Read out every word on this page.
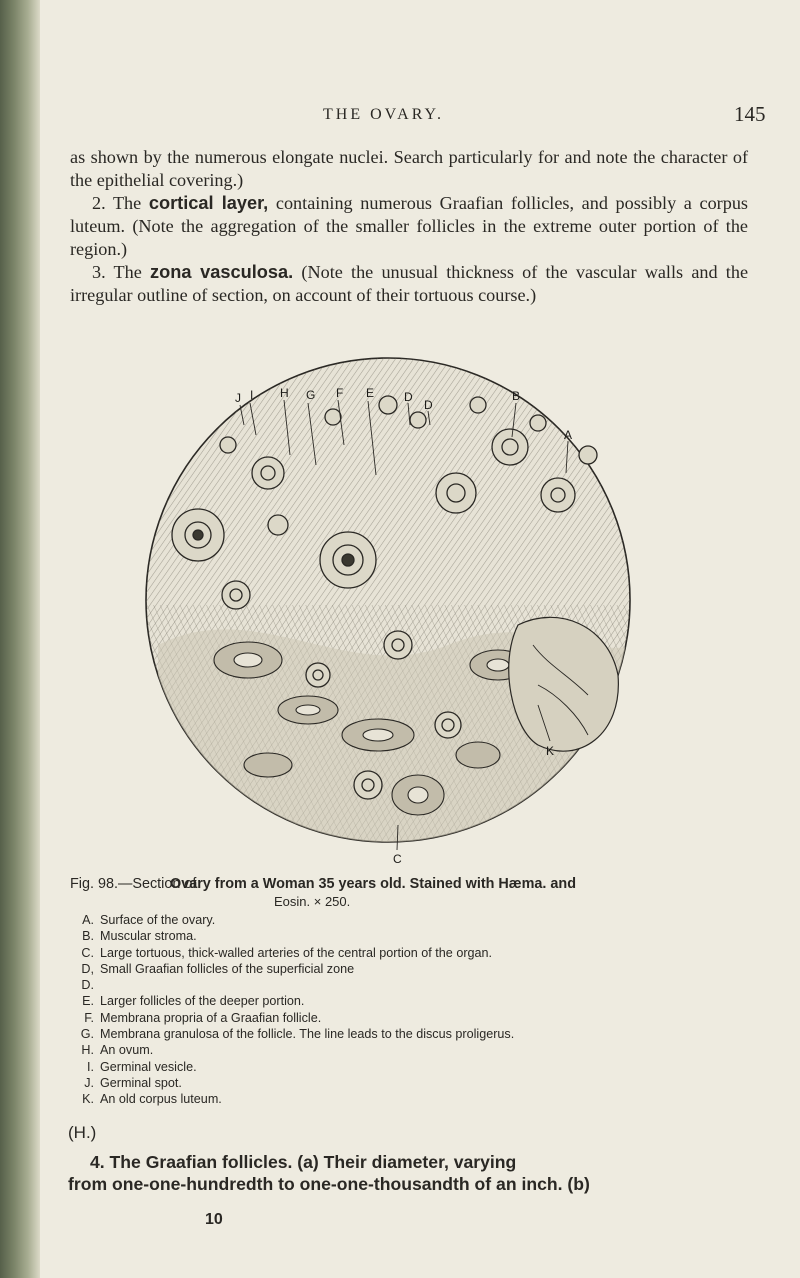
THE OVARY.	145

as shown by the numerous elongate nuclei. Search particularly for and note the character of the epithelial covering.)

2. The cortical layer, containing numerous Graafian follicles, and possibly a corpus luteum. (Note the aggregation of the smaller follicles in the extreme outer portion of the region.)

3. The zona vasculosa. (Note the unusual thickness of the vascular walls and the irregular outline of section, on account of their tortuous course.)

J I H G F E D
D
B
A
K
C
Fig. 98.—Section of
Ovary from a Woman 35 years old. Stained with Hæma. and
Eosin. × 250.
A. Surface of the ovary.
B. Muscular stroma.
C. Large tortuous, thick-walled arteries of the central portion of the organ.
D, D.
Small Graafian follicles of the superficial zone
E. Larger follicles of the deeper portion.
F. Membrana propria of a Graafian follicle.
G. Membrana granulosa of the follicle. The line leads to the discus proligerus.
H. An ovum.
I. Germinal vesicle.
J. Germinal spot.
K. An old corpus luteum.
(H.)
4. The Graafian follicles. (a) Their diameter, varying
from one-one-hundredth to one-one-thousandth of an inch. (b)
10
